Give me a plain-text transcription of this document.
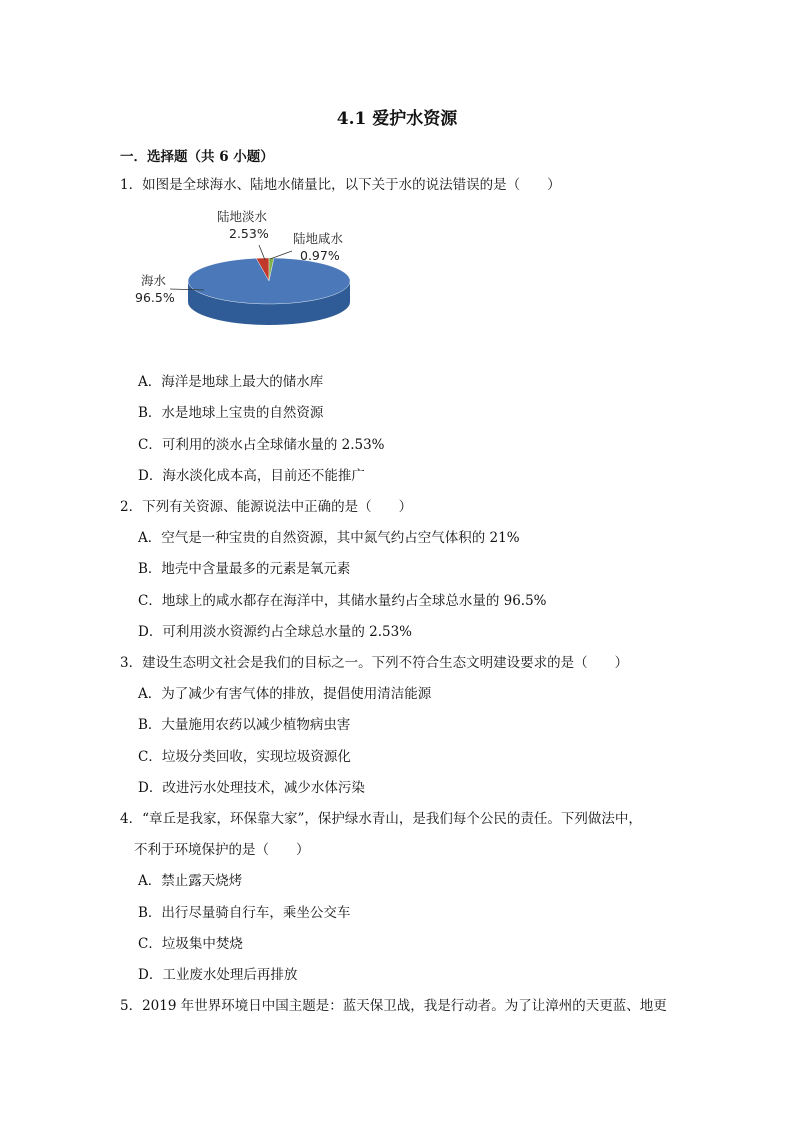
4.1 爱护水资源
一．选择题（共 6 小题）
1．如图是全球海水、陆地水储量比，以下关于水的说法错误的是（　　）
陆地淡水
2.53% 陆地咸水
0.97%
海水
96.5%
A．海洋是地球上最大的储水库
B．水是地球上宝贵的自然资源
C．可利用的淡水占全球储水量的 2.53%
D．海水淡化成本高，目前还不能推广
2．下列有关资源、能源说法中正确的是（　　）
A．空气是一种宝贵的自然资源，其中氮气约占空气体积的 21%
B．地壳中含量最多的元素是氧元素
C．地球上的咸水都存在海洋中，其储水量约占全球总水量的 96.5%
D．可利用淡水资源约占全球总水量的 2.53%
3．建设生态明文社会是我们的目标之一。下列不符合生态文明建设要求的是（　　）
A．为了减少有害气体的排放，提倡使用清洁能源
B．大量施用农药以减少植物病虫害
C．垃圾分类回收，实现垃圾资源化
D．改进污水处理技术，减少水体污染
4．“章丘是我家，环保靠大家”，保护绿水青山，是我们每个公民的责任。下列做法中，
不利于环境保护的是（　　）
A．禁止露天烧烤
B．出行尽量骑自行车，乘坐公交车
C．垃圾集中焚烧
D．工业废水处理后再排放
5．2019 年世界环境日中国主题是：蓝天保卫战，我是行动者。为了让漳州的天更蓝、地更
